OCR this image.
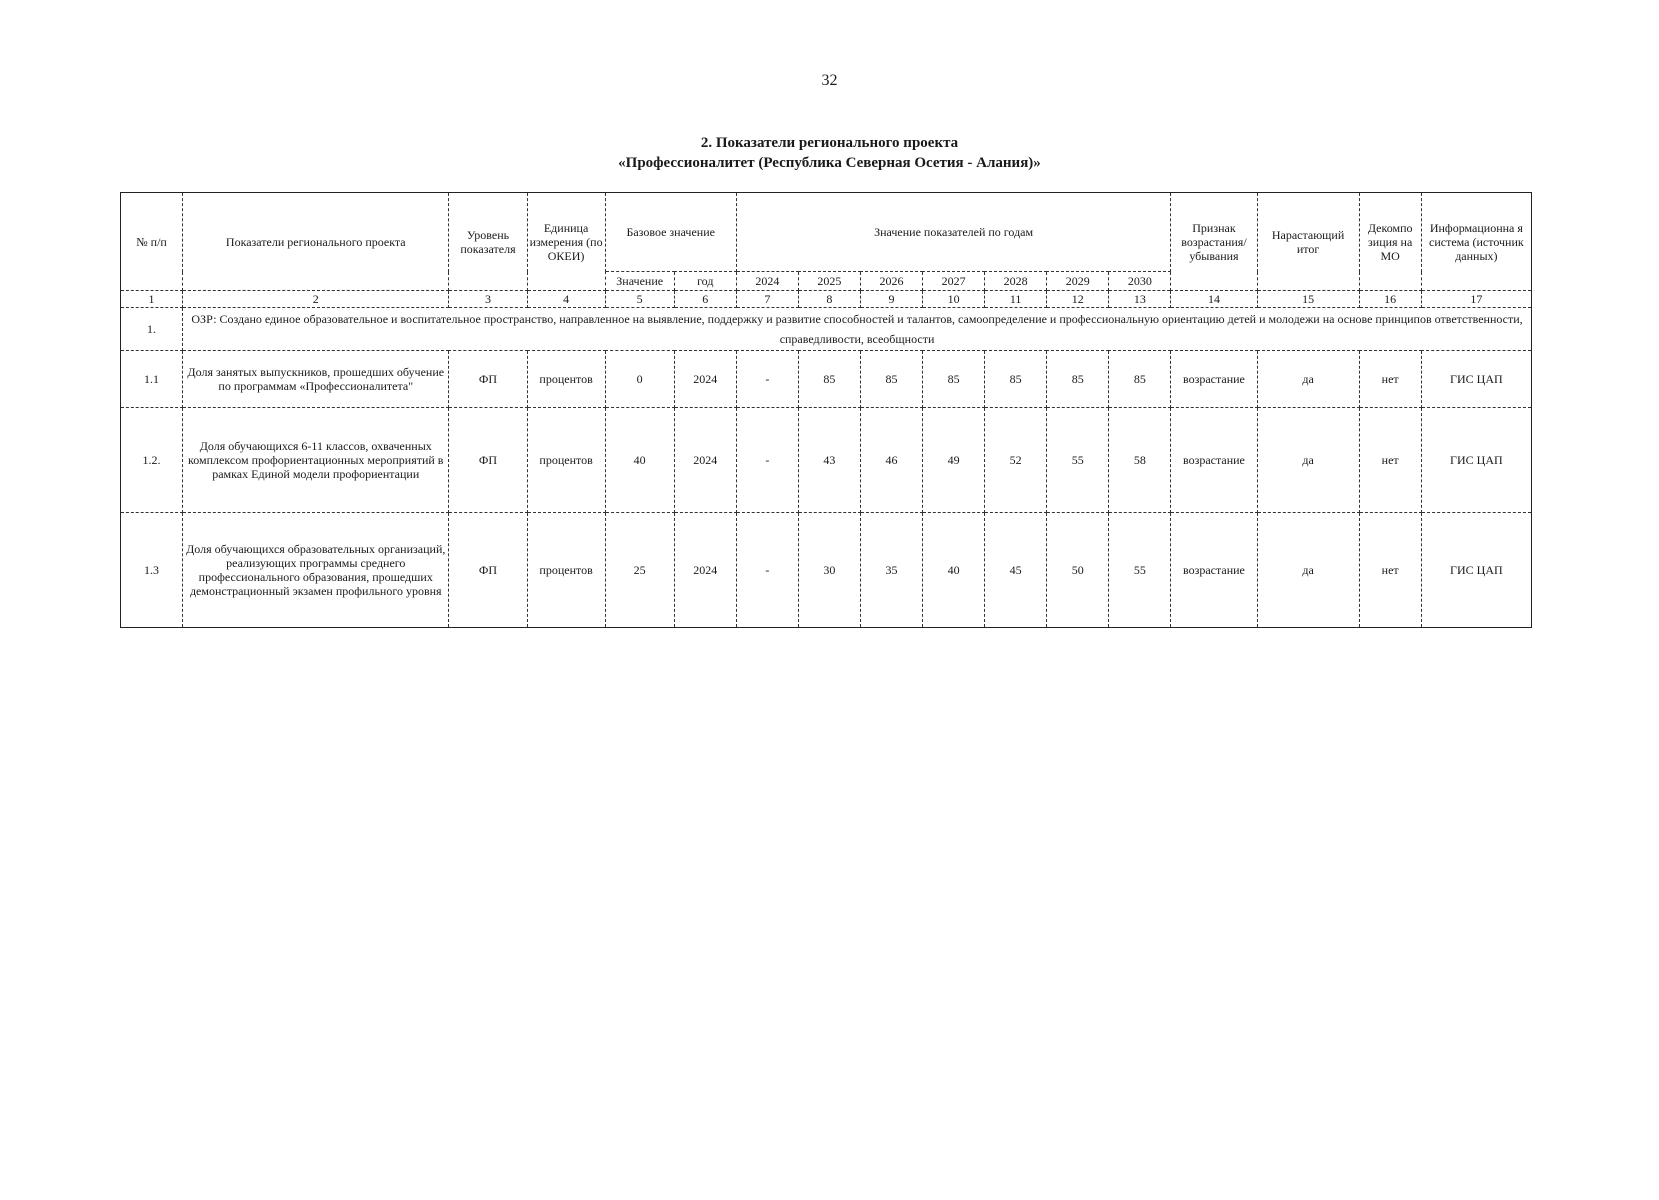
32
2. Показатели регионального проекта
«Профессионалитет (Республика Северная Осетия - Алания)»
№ п/п	Показатели регионального проекта	Уровень показателя	Единица измерения (по ОКЕИ)	Базовое значение		Значение показателей по годам							Признак возрастания/ убывания	Нарастающий итог	Декомпо зиция на МО	Информационна я система (источник данных)
				Значение	год	2024	2025	2026	2027	2028	2029	2030				
1	2	3	4	5	6	7	8	9	10	11	12	13	14	15	16	17
1.	ОЗР: Создано единое образовательное и воспитательное пространство, направленное на выявление, поддержку и развитие способностей и талантов, самоопределение и профессиональную ориентацию детей и молодежи на основе принципов ответственности, справедливости, всеобщности															
1.1	Доля занятых выпускников, прошедших обучение по программам «Профессионалитета"	ФП	процентов	0	2024	-	85	85	85	85	85	85	возрастание	да	нет	ГИС ЦАП
1.2.	Доля обучающихся 6-11 классов, охваченных комплексом профориентационных мероприятий в рамках Единой модели профориентации	ФП	процентов	40	2024	-	43	46	49	52	55	58	возрастание	да	нет	ГИС ЦАП
1.3	Доля обучающихся образовательных организаций, реализующих программы среднего профессионального образования, прошедших демонстрационный экзамен профильного уровня	ФП	процентов	25	2024	-	30	35	40	45	50	55	возрастание	да	нет	ГИС ЦАП
